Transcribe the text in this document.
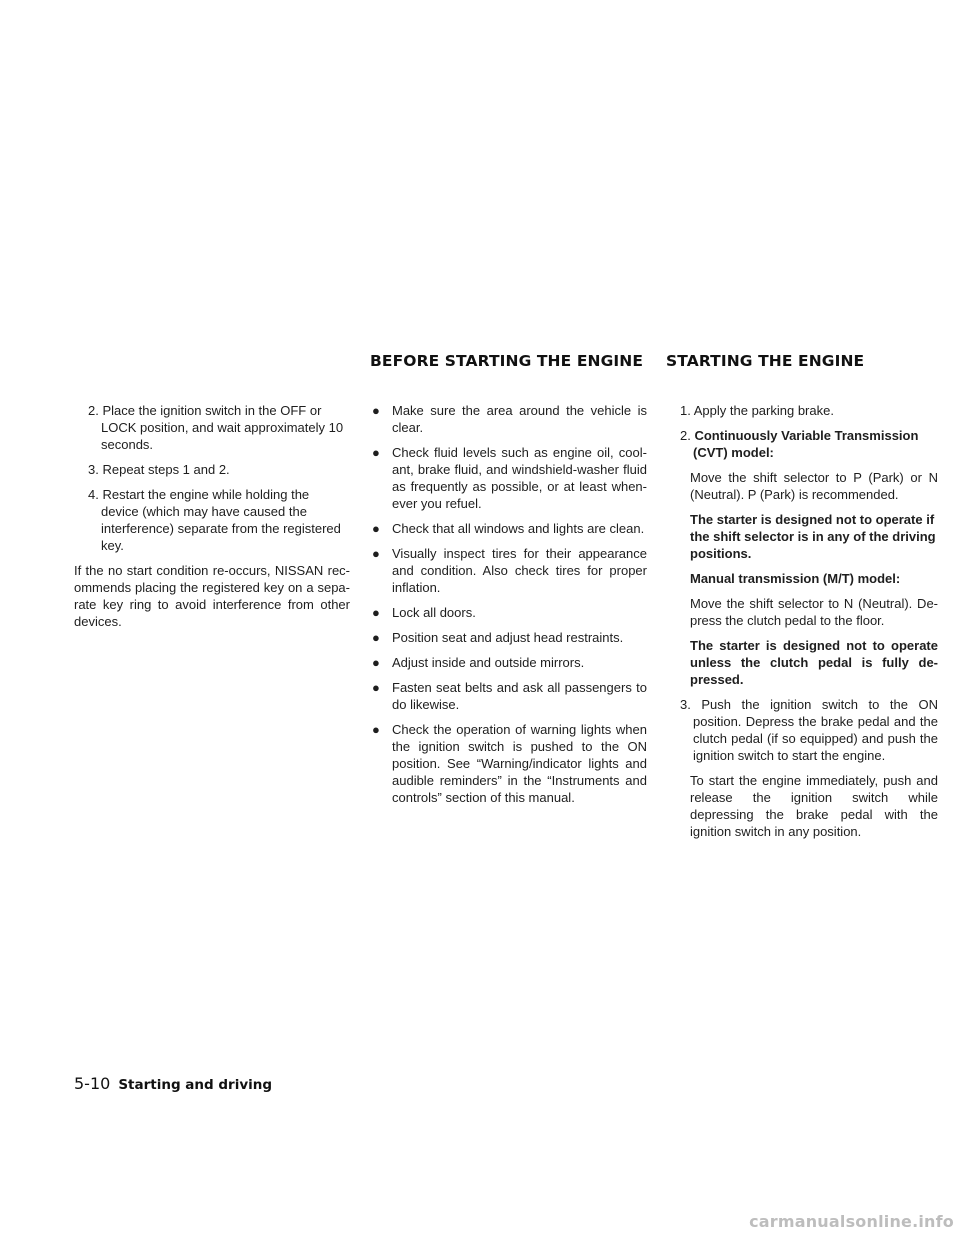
BEFORE STARTING THE ENGINE STARTING THE ENGINE
2. Place the ignition switch in the OFF or LOCK position, and wait approximately 10 seconds.
3. Repeat steps 1 and 2.
4. Restart the engine while holding the device (which may have caused the interference) separate from the registered key.
If the no start condition re-occurs, NISSAN rec- ommends placing the registered key on a sepa- rate key ring to avoid interference from other devices.
● Make sure the area around the vehicle is clear.
● Check fluid levels such as engine oil, cool- ant, brake fluid, and windshield-washer fluid as frequently as possible, or at least when- ever you refuel.
● Check that all windows and lights are clean.
● Visually inspect tires for their appearance and condition. Also check tires for proper inflation.
● Lock all doors.
● Position seat and adjust head restraints.
● Adjust inside and outside mirrors.
● Fasten seat belts and ask all passengers to do likewise.
● Check the operation of warning lights when the ignition switch is pushed to the ON position. See “Warning/indicator lights and audible reminders” in the “Instruments and controls” section of this manual.
1. Apply the parking brake.
2. Continuously Variable Transmission (CVT) model:
Move the shift selector to P (Park) or N (Neutral). P (Park) is recommended.
The starter is designed not to operate if the shift selector is in any of the driving positions.
Manual transmission (M/T) model:
Move the shift selector to N (Neutral). De- press the clutch pedal to the floor.
The starter is designed not to operate unless the clutch pedal is fully de- pressed.
3. Push the ignition switch to the ON position. Depress the brake pedal and the clutch pedal (if so equipped) and push the ignition switch to start the engine.
To start the engine immediately, push and release the ignition switch while depressing the brake pedal with the ignition switch in any position.
5-10 Starting and driving
carmanualsonline.info
